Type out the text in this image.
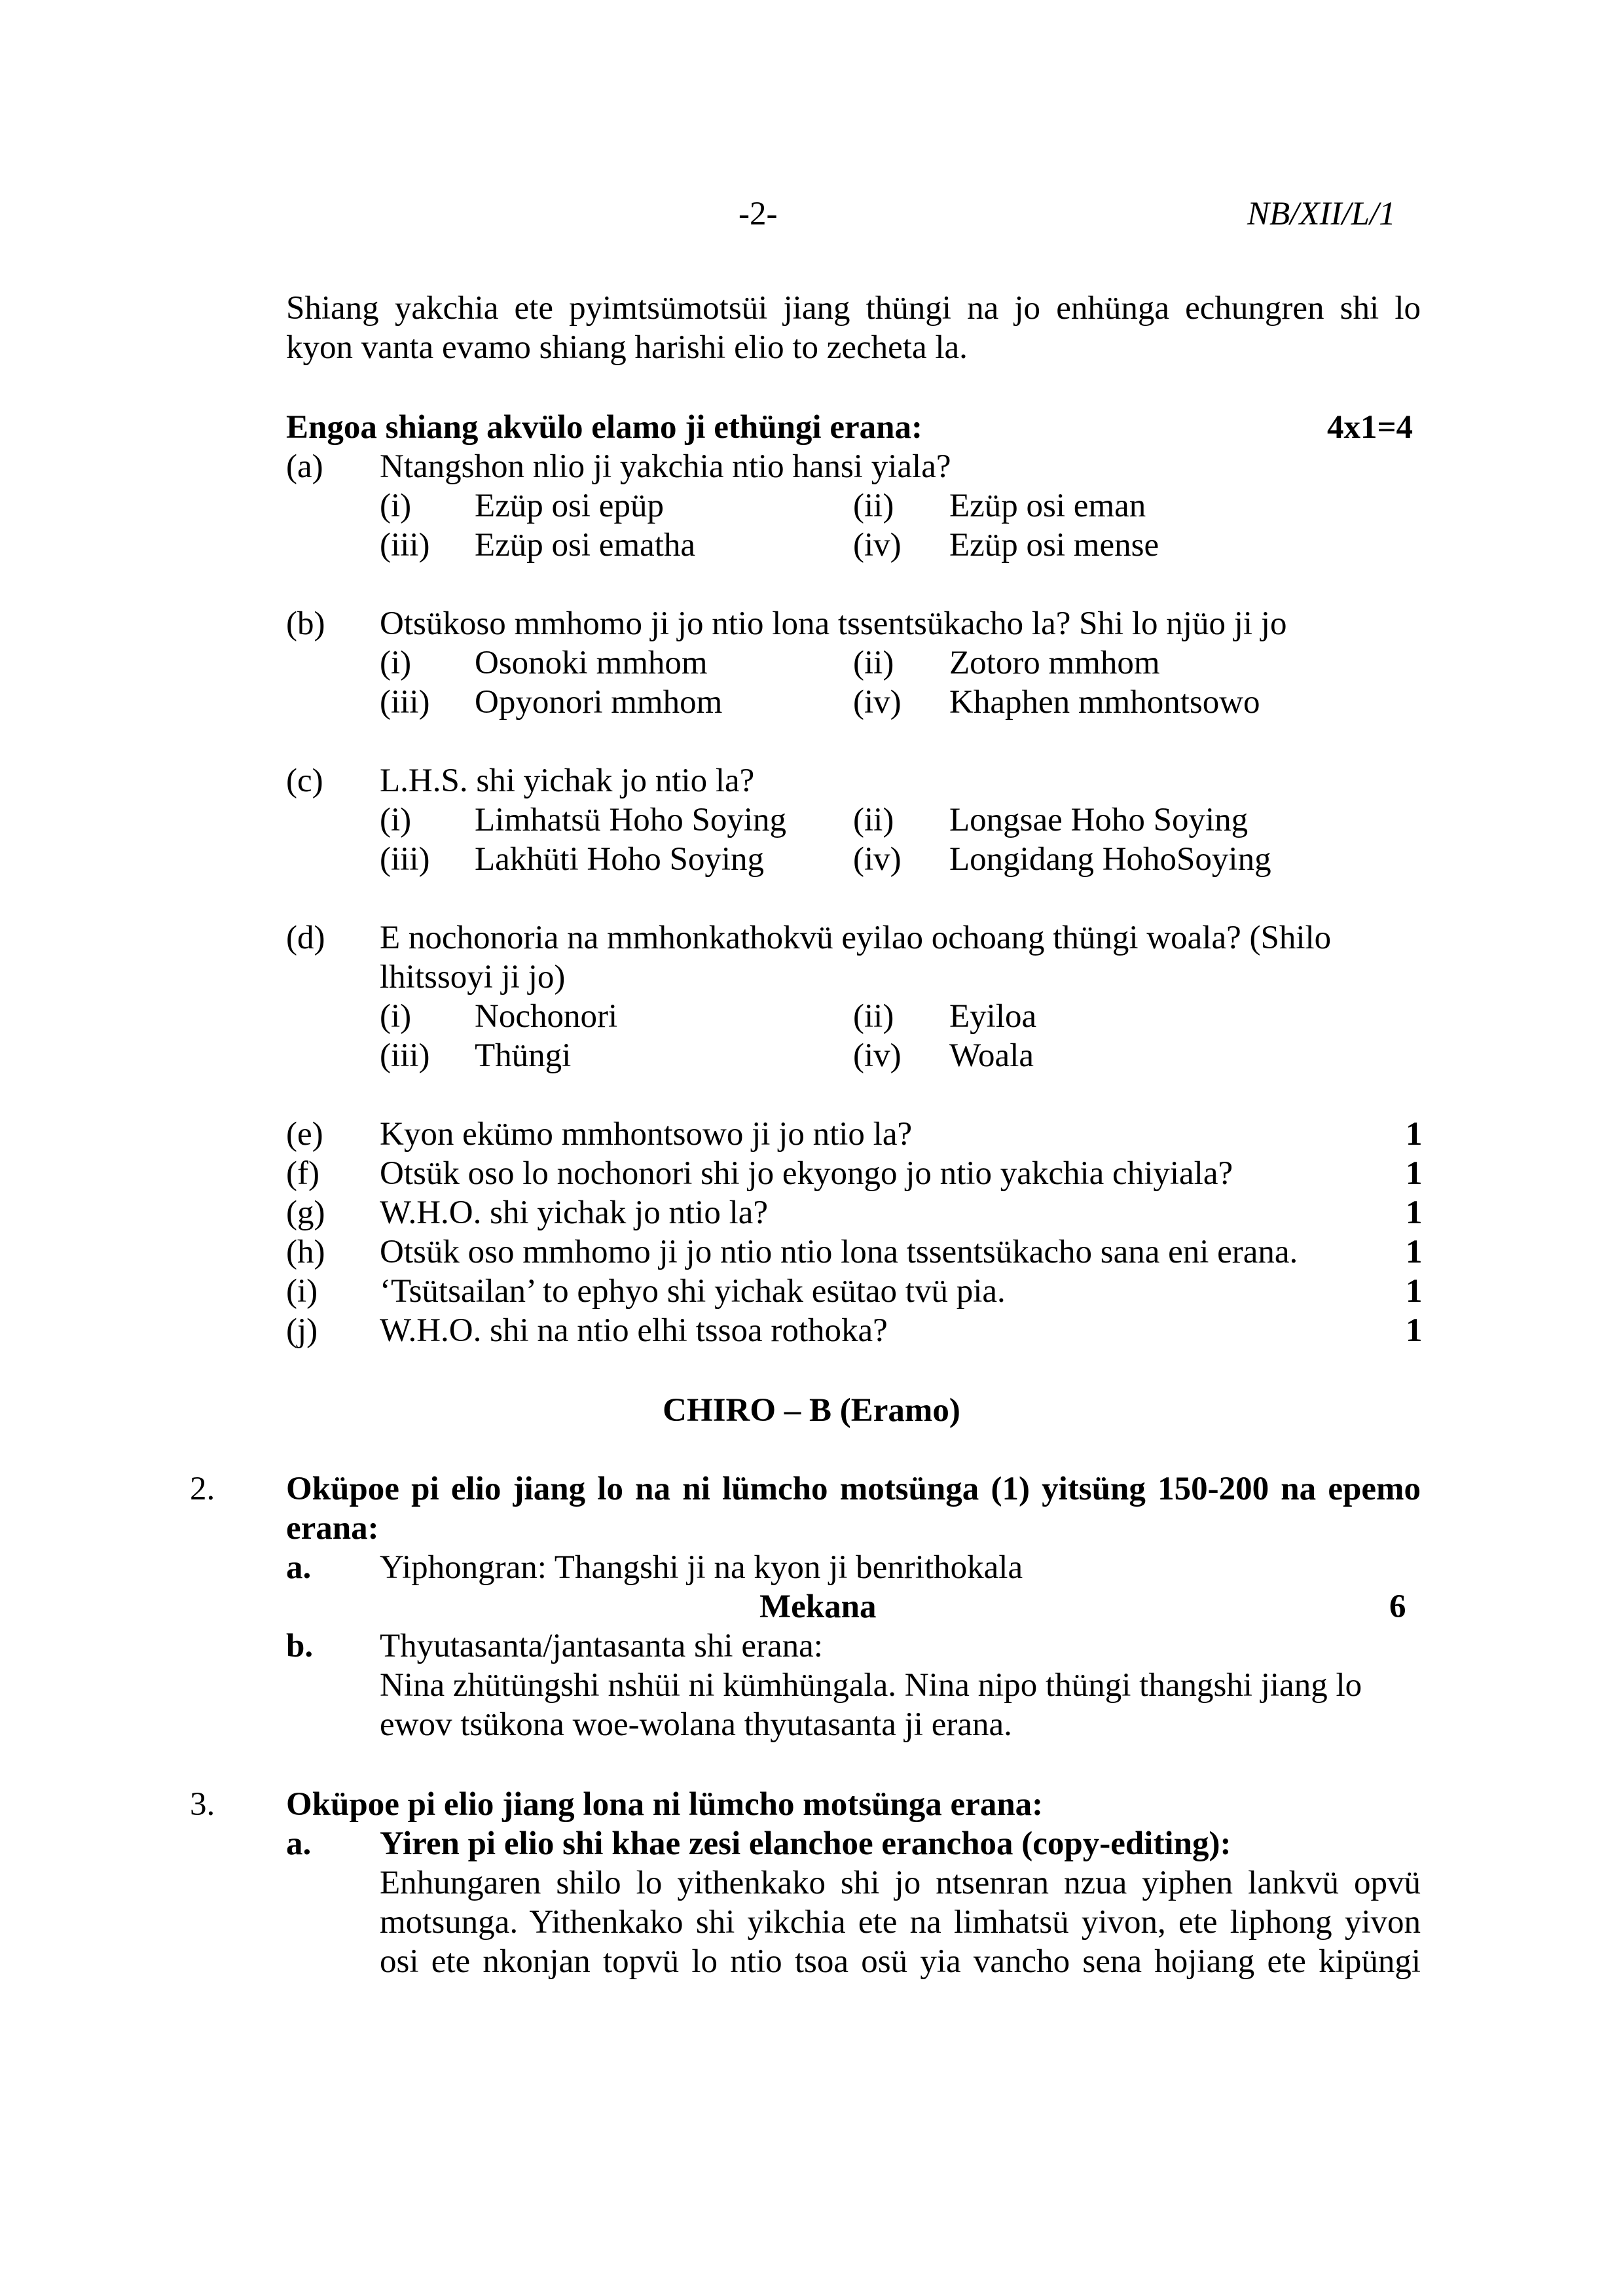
-2-	NB/XII/L/1
Shiang yakchia ete pyimtsümotsüi jiang thüngi na jo enhünga echungren shi lo
kyon vanta evamo shiang harishi elio to zecheta la.
Engoa shiang akvülo elamo ji ethüngi erana:	4x1=4
(a) Ntangshon nlio ji yakchia ntio hansi yiala?
(i) Ezüp osi epüp	(ii) Ezüp osi eman
(iii) Ezüp osi ematha	(iv) Ezüp osi mense
(b) Otsükoso mmhomo ji jo ntio lona tssentsükacho la? Shi lo njüo ji jo
(i) Osonoki mmhom	(ii) Zotoro mmhom
(iii) Opyonori mmhom	(iv) Khaphen mmhontsowo
(c) L.H.S. shi yichak jo ntio la?
(i) Limhatsü Hoho Soying (ii) Longsae Hoho Soying
(iii) Lakhüti Hoho Soying	(iv) Longidang HohoSoying
(d) E nochonoria na mmhonkathokvü eyilao ochoang thüngi woala? (Shilo
lhitssoyi ji jo)
(i) Nochonori	(ii) Eyiloa
(iii) Thüngi	(iv) Woala
(e) Kyon ekümo mmhontsowo ji jo ntio la?	1
(f) Otsük oso lo nochonori shi jo ekyongo jo ntio yakchia chiyiala?	1
(g) W.H.O. shi yichak jo ntio la?	1
(h) Otsük oso mmhomo ji jo ntio ntio lona tssentsükacho sana eni erana.	1
(i) ‘Tsütsailan’ to ephyo shi yichak esütao tvü pia.	1
(j) W.H.O. shi na ntio elhi tssoa rothoka?	1
CHIRO – B (Eramo)
2. Oküpoe pi elio jiang lo na ni lümcho motsünga (1) yitsüng 150-200 na epemo
erana:
a. Yiphongran: Thangshi ji na kyon ji benrithokala
Mekana	6
b. Thyutasanta/jantasanta shi erana:
Nina zhütüngshi nshüi ni kümhüngala. Nina nipo thüngi thangshi jiang lo
ewov tsükona woe-wolana thyutasanta ji erana.
3. Oküpoe pi elio jiang lona ni lümcho motsünga erana:
a. Yiren pi elio shi khae zesi elanchoe eranchoa (copy-editing):
Enhungaren shilo lo yithenkako shi jo ntsenran nzua yiphen lankvü opvü
motsunga. Yithenkako shi yikchia ete na limhatsü yivon, ete liphong yivon
osi ete nkonjan topvü lo ntio tsoa osü yia vancho sena hojiang ete kipüngi
